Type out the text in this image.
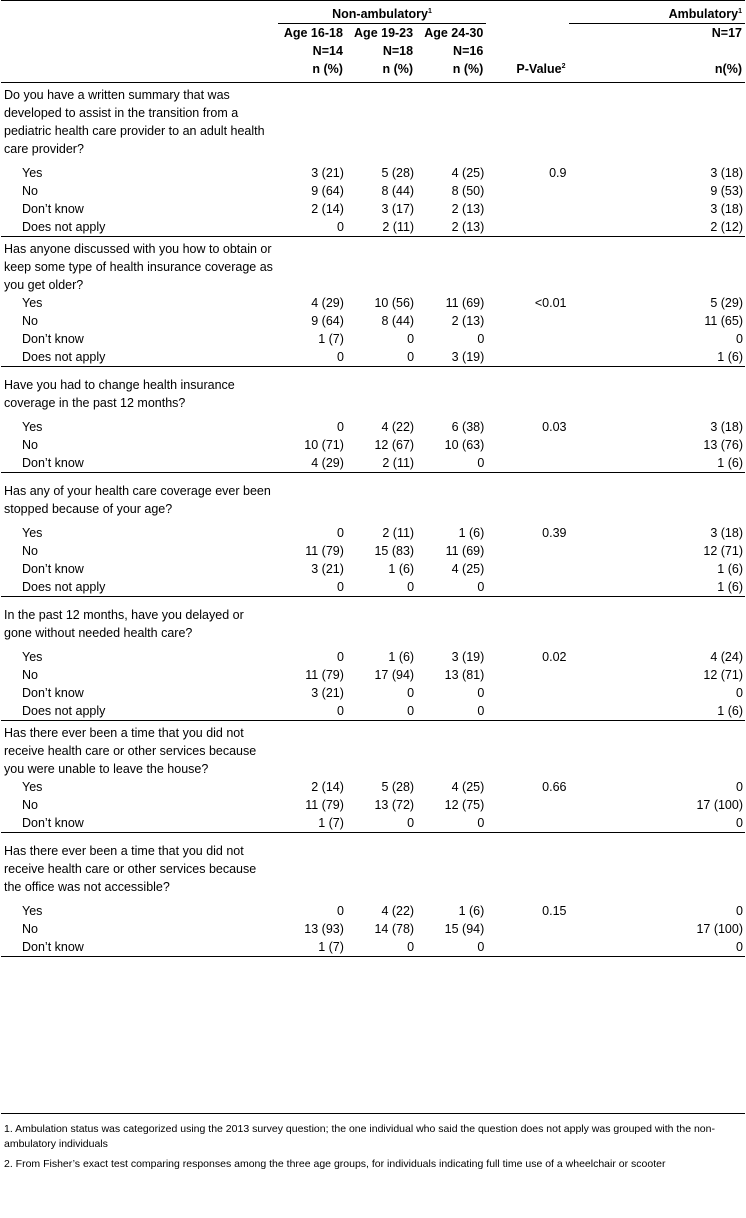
	Non-ambulatory$^1$				Ambulatory$^1$
	Age 16-18	Age 19-23	Age 24-30		N=17
	N=14	N=18	N=16		
	n (%)	n (%)	n (%)	P-Value$^2$	n(%)
Do you have a written summary that was developed to assist in the transition from a pediatric health care provider to an adult health care provider?					
Yes	3 (21)	5 (28)	4 (25)	0.9	3 (18)
No	9 (64)	8 (44)	8 (50)		9 (53)
Don’t know	2 (14)	3 (17)	2 (13)		3 (18)
Does not apply	0	2 (11)	2 (13)		2 (12)
Has anyone discussed with you how to obtain or keep some type of health insurance coverage as you get older?					
Yes	4 (29)	10 (56)	11 (69)	<0.01	5 (29)
No	9 (64)	8 (44)	2 (13)		11 (65)
Don’t know	1 (7)	0	0		0
Does not apply	0	0	3 (19)		1 (6)
Have you had to change health insurance coverage in the past 12 months?					
Yes	0	4 (22)	6 (38)	0.03	3 (18)
No	10 (71)	12 (67)	10 (63)		13 (76)
Don’t know	4 (29)	2 (11)	0		1 (6)
Has any of your health care coverage ever been stopped because of your age?					
Yes	0	2 (11)	1 (6)	0.39	3 (18)
No	11 (79)	15 (83)	11 (69)		12 (71)
Don’t know	3 (21)	1 (6)	4 (25)		1 (6)
Does not apply	0	0	0		1 (6)
In the past 12 months, have you delayed or gone without needed health care?					
Yes	0	1 (6)	3 (19)	0.02	4 (24)
No	11 (79)	17 (94)	13 (81)		12 (71)
Don’t know	3 (21)	0	0		0
Does not apply	0	0	0		1 (6)
Has there ever been a time that you did not receive health care or other services because you were unable to leave the house?					
Yes	2 (14)	5 (28)	4 (25)	0.66	0
No	11 (79)	13 (72)	12 (75)		17 (100)
Don’t know	1 (7)	0	0		0
Has there ever been a time that you did not receive health care or other services because the office was not accessible?					
Yes	0	4 (22)	1 (6)	0.15	0
No	13 (93)	14 (78)	15 (94)		17 (100)
Don’t know	1 (7)	0	0		0

1. Ambulation status was categorized using the 2013 survey question; the one individual who said the question does not apply was grouped with the non-ambulatory individuals

2. From Fisher’s exact test comparing responses among the three age groups, for individuals indicating full time use of a wheelchair or scooter
